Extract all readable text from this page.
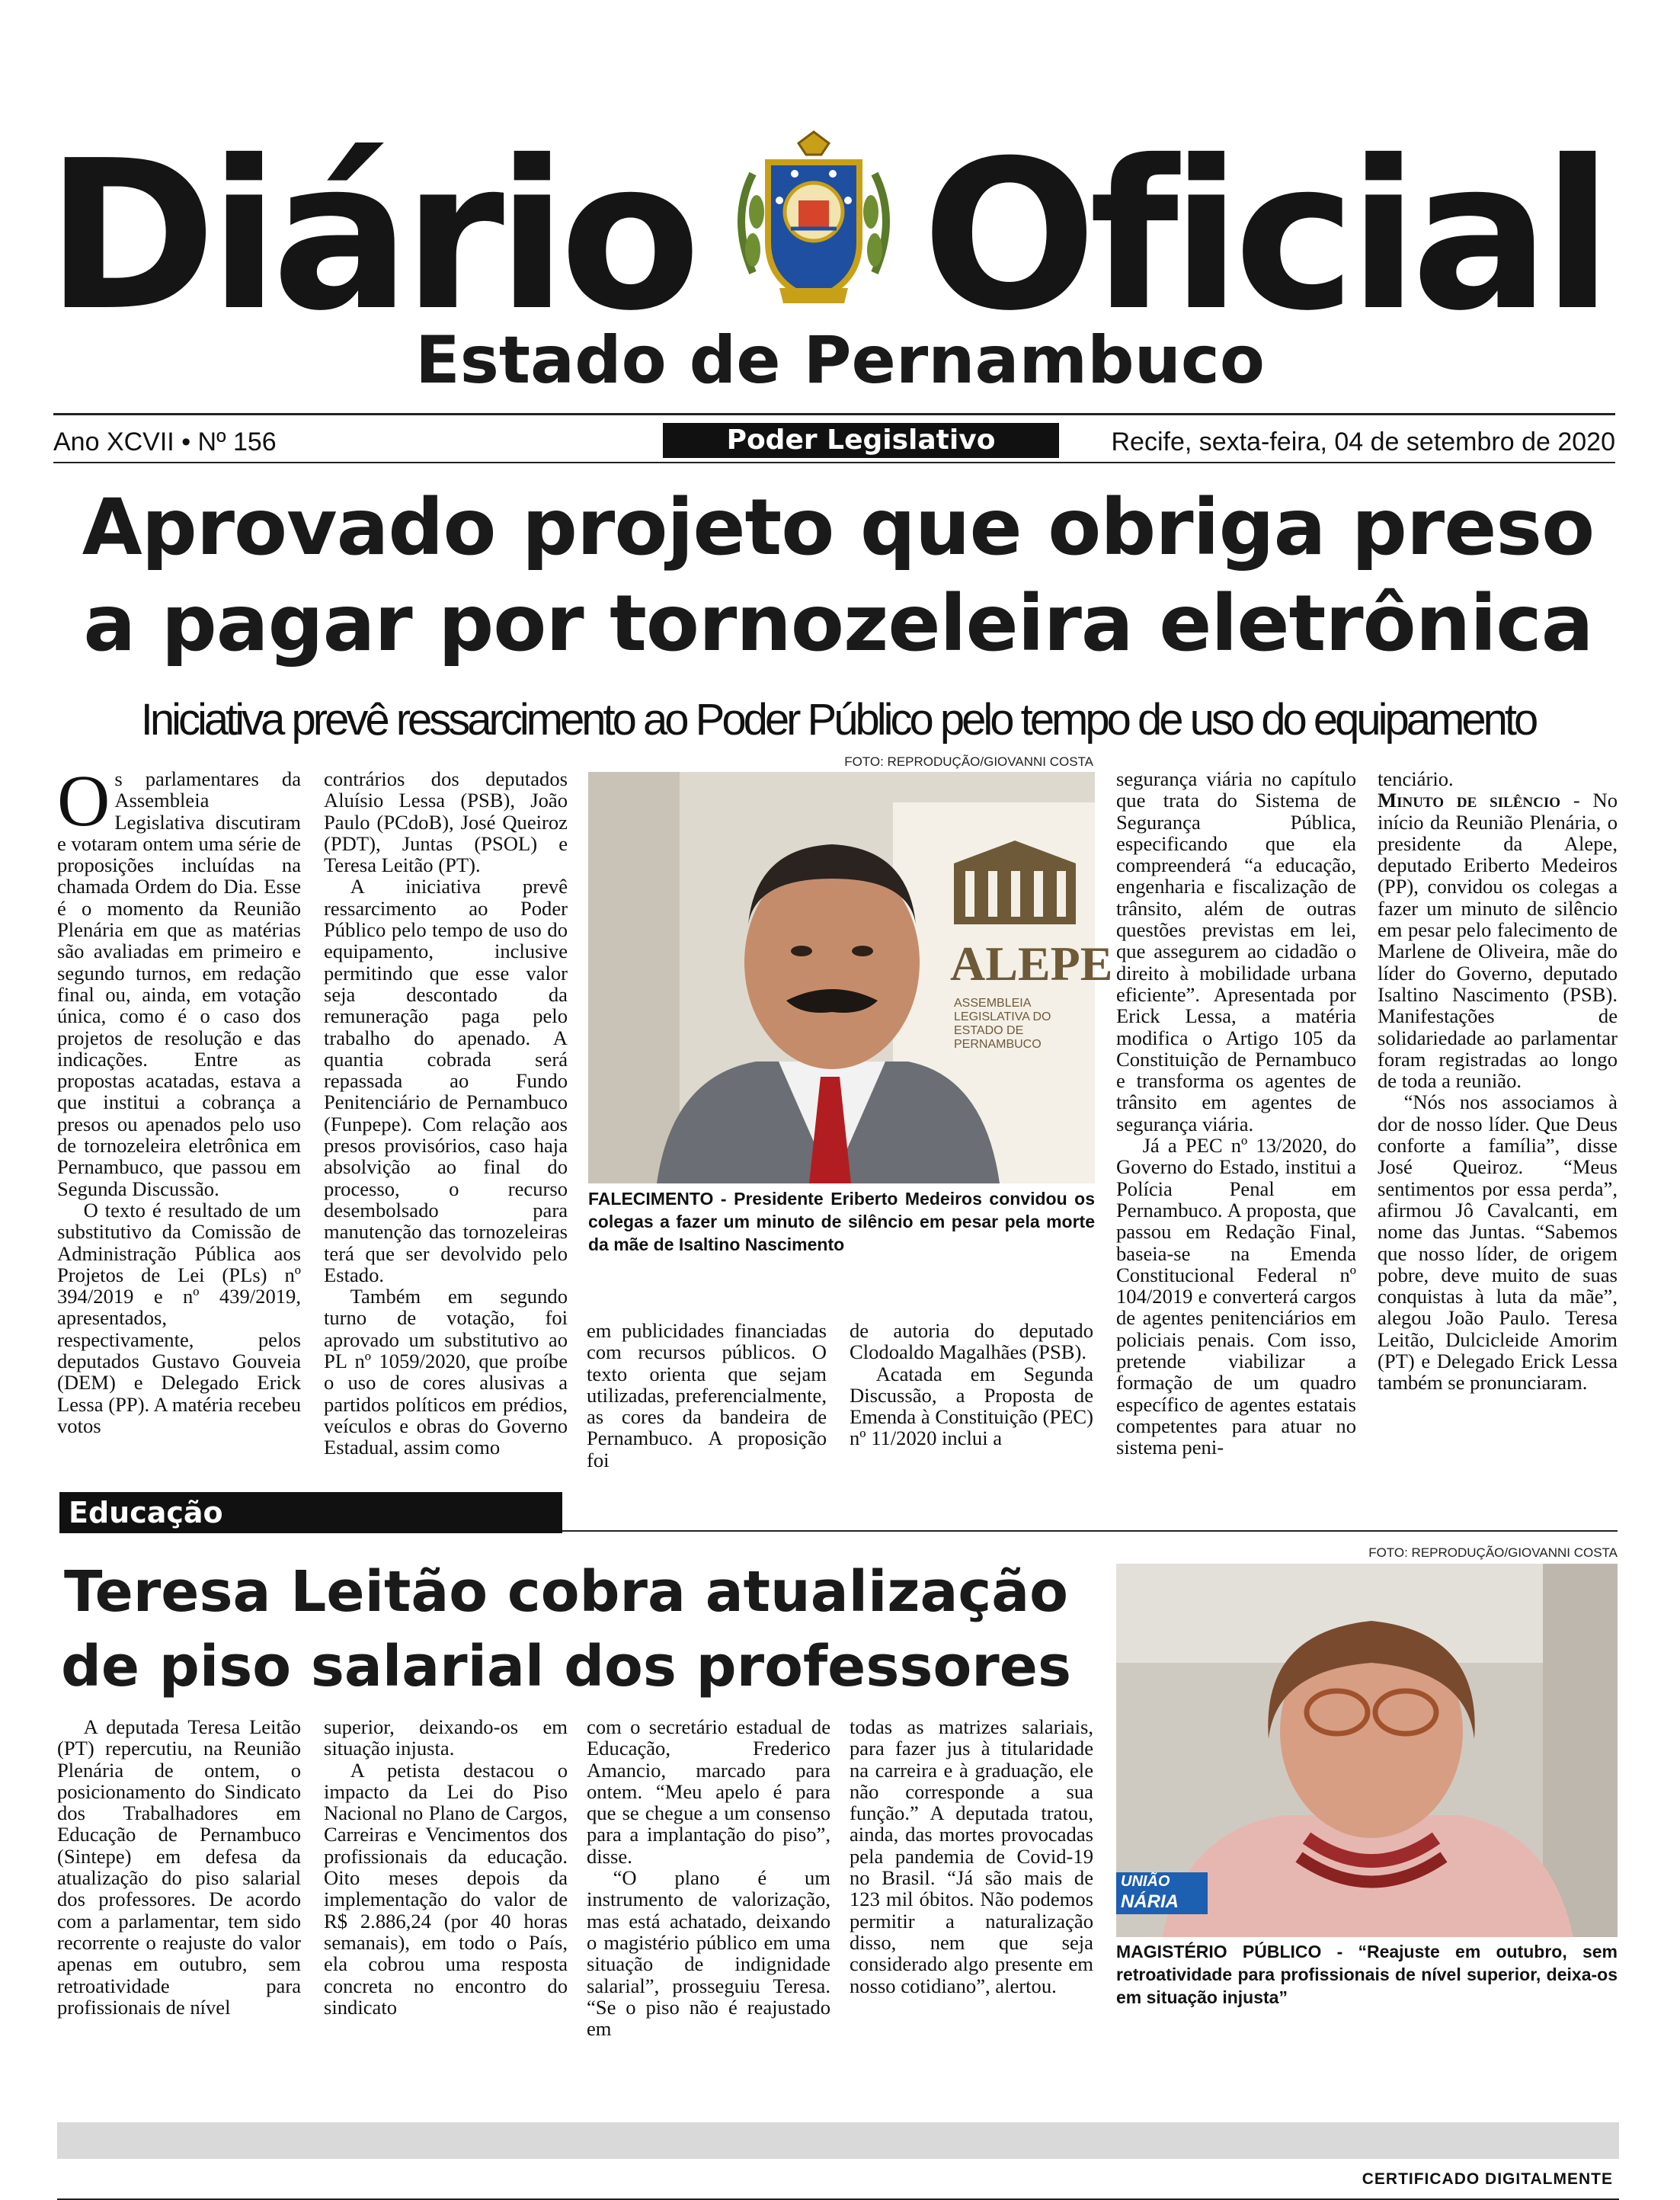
Diário Oficial
Estado de Pernambuco
Ano XCVII • Nº 156	Poder Legislativo	Recife, sexta-feira, 04 de setembro de 2020
Aprovado projeto que obriga preso
a pagar por tornozeleira eletrônica
Iniciativa prevê ressarcimento ao Poder Público pelo tempo de uso do equipamento

Os parlamentares da Assembleia Legislativa discutiram e votaram ontem uma série de proposições incluídas na chamada Ordem do Dia. Esse é o momento da Reunião Plenária em que as matérias são avaliadas em primeiro e segundo turnos, em redação final ou, ainda, em votação única, como é o caso dos projetos de resolução e das indicações. Entre as propostas acatadas, estava a que institui a cobrança a presos ou apenados pelo uso de tornozeleira eletrônica em Pernambuco, que passou em Segunda Discussão.

O texto é resultado de um substitutivo da Comissão de Administração Pública aos Projetos de Lei (PLs) nº 394/2019 e nº 439/2019, apresentados, respectivamente, pelos deputados Gustavo Gouveia (DEM) e Delegado Erick Lessa (PP). A matéria recebeu votos

contrários dos deputados Aluísio Lessa (PSB), João Paulo (PCdoB), José Queiroz (PDT), Juntas (PSOL) e Teresa Leitão (PT).

A iniciativa prevê ressarcimento ao Poder Público pelo tempo de uso do equipamento, inclusive permitindo que esse valor seja descontado da remuneração paga pelo trabalho do apenado. A quantia cobrada será repassada ao Fundo Penitenciário de Pernambuco (Funpepe). Com relação aos presos provisórios, caso haja absolvição ao final do processo, o recurso desembolsado para manutenção das tornozeleiras terá que ser devolvido pelo Estado.

Também em segundo turno de votação, foi aprovado um substitutivo ao PL nº 1059/2020, que proíbe o uso de cores alusivas a partidos políticos em prédios, veículos e obras do Governo Estadual, assim como

FOTO: REPRODUÇÃO/GIOVANNI COSTA
ALEPE
ASSEMBLEIA LEGISLATIVA DO ESTADO DE PERNAMBUCO
FALECIMENTO - Presidente Eriberto Medeiros convidou os colegas a fazer um minuto de silêncio em pesar pela morte da mãe de Isaltino Nascimento

em publicidades financiadas com recursos públicos. O texto orienta que sejam utilizadas, preferencialmente, as cores da bandeira de Pernambuco. A proposição foi

de autoria do deputado Clodoaldo Magalhães (PSB).

Acatada em Segunda Discussão, a Proposta de Emenda à Constituição (PEC) nº 11/2020 inclui a

segurança viária no capítulo que trata do Sistema de Segurança Pública, especificando que ela compreenderá “a educação, engenharia e fiscalização de trânsito, além de outras questões previstas em lei, que assegurem ao cidadão o direito à mobilidade urbana eficiente”. Apresentada por Erick Lessa, a matéria modifica o Artigo 105 da Constituição de Pernambuco e transforma os agentes de trânsito em agentes de segurança viária.

Já a PEC nº 13/2020, do Governo do Estado, institui a Polícia Penal em Pernambuco. A proposta, que passou em Redação Final, baseia-se na Emenda Constitucional Federal nº 104/2019 e converterá cargos de agentes penitenciários em policiais penais. Com isso, pretende viabilizar a formação de um quadro específico de agentes estatais competentes para atuar no sistema peni-

tenciário.

Minuto de silêncio - No início da Reunião Plenária, o presidente da Alepe, deputado Eriberto Medeiros (PP), convidou os colegas a fazer um minuto de silêncio em pesar pelo falecimento de Marlene de Oliveira, mãe do líder do Governo, deputado Isaltino Nascimento (PSB). Manifestações de solidariedade ao parlamentar foram registradas ao longo de toda a reunião.

“Nós nos associamos à dor de nosso líder. Que Deus conforte a família”, disse José Queiroz. “Meus sentimentos por essa perda”, afirmou Jô Cavalcanti, em nome das Juntas. “Sabemos que nosso líder, de origem pobre, deve muito de suas conquistas à luta da mãe”, alegou João Paulo. Teresa Leitão, Dulcicleide Amorim (PT) e Delegado Erick Lessa também se pronunciaram.

Educação
Teresa Leitão cobra atualização
de piso salarial dos professores

A deputada Teresa Leitão (PT) repercutiu, na Reunião Plenária de ontem, o posicionamento do Sindicato dos Trabalhadores em Educação de Pernambuco (Sintepe) em defesa da atualização do piso salarial dos professores. De acordo com a parlamentar, tem sido recorrente o reajuste do valor apenas em outubro, sem retroatividade para profissionais de nível

superior, deixando-os em situação injusta.

A petista destacou o impacto da Lei do Piso Nacional no Plano de Cargos, Carreiras e Vencimentos dos profissionais da educação. Oito meses depois da implementação do valor de R$ 2.886,24 (por 40 horas semanais), em todo o País, ela cobrou uma resposta concreta no encontro do sindicato

com o secretário estadual de Educação, Frederico Amancio, marcado para ontem. “Meu apelo é para que se chegue a um consenso para a implantação do piso”, disse.

“O plano é um instrumento de valorização, mas está achatado, deixando o magistério público em uma situação de indignidade salarial”, prosseguiu Teresa. “Se o piso não é reajustado em

todas as matrizes salariais, para fazer jus à titularidade na carreira e à graduação, ele não corresponde a sua função.” A deputada tratou, ainda, das mortes provocadas pela pandemia de Covid-19 no Brasil. “Já são mais de 123 mil óbitos. Não podemos permitir a naturalização disso, nem que seja considerado algo presente em nosso cotidiano”, alertou.

FOTO: REPRODUÇÃO/GIOVANNI COSTA
UNIÃO
NÁRIA
MAGISTÉRIO PÚBLICO - “Reajuste em outubro, sem retroatividade para profissionais de nível superior, deixa-os em situação injusta”
CERTIFICADO DIGITALMENTE
